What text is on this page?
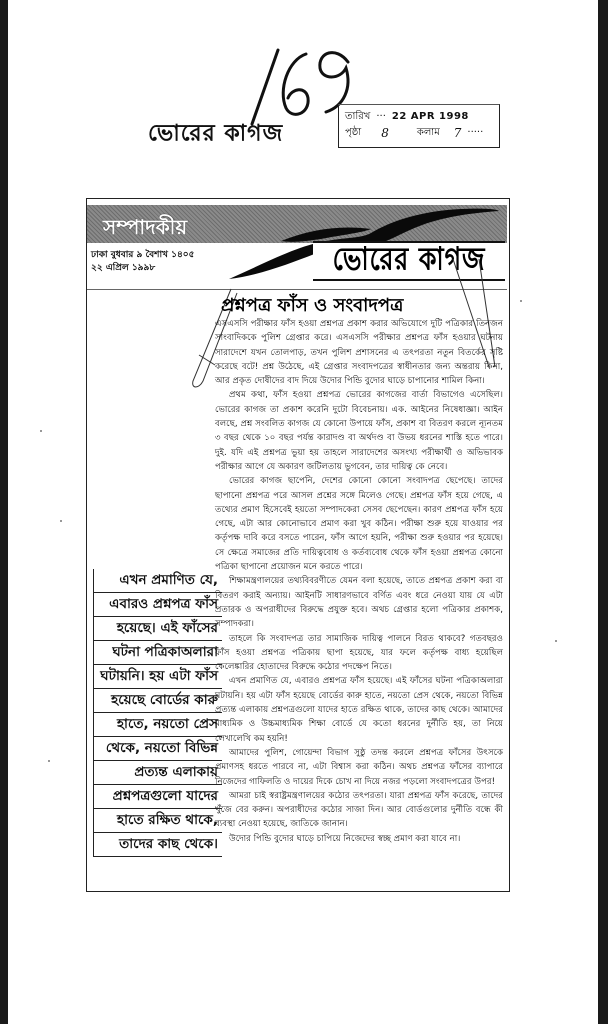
ভোরের কাগজ
তারিখ ··· 22 APR 1998
পৃষ্ঠা 8	কলাম 7 ·····
সম্পাদকীয়
ভোরের কাগজ
ঢাকা বুধবার ৯ বৈশাখ ১৪০৫
২২ এপ্রিল ১৯৯৮
প্রশ্নপত্র ফাঁস ও সংবাদপত্র

এসএসসি পরীক্ষার ফাঁস হওয়া প্রশ্নপত্র প্রকাশ করার অভিযোগে দুটি পত্রিকার তিনজন সাংবাদিককে পুলিশ গ্রেপ্তার করে। এসএসসি পরীক্ষার প্রশ্নপত্র ফাঁস হওয়ার ঘটনায় সারাদেশে যখন তোলপাড়, তখন পুলিশ প্রশাসনের এ তৎপরতা নতুন বিতর্কের সৃষ্টি করেছে বটে! প্রশ্ন উঠেছে, এই গ্রেপ্তার সংবাদপত্রের স্বাধীনতার জন্য অন্তরায় কিনা, আর প্রকৃত দোষীদের বাদ দিয়ে উদোর পিন্ডি বুদোর ঘাড়ে চাপানোর শামিল কিনা।

প্রথম কথা, ফাঁস হওয়া প্রশ্নপত্র ভোরের কাগজের বার্তা বিভাগেও এসেছিল। ভোরের কাগজ তা প্রকাশ করেনি দুটো বিবেচনায়। এক. আইনের নিষেধাজ্ঞা। আইন বলছে, প্রশ্ন সংবলিত কাগজ যে কোনো উপায়ে ফাঁস, প্রকাশ বা বিতরণ করলে ন্যূনতম ৩ বছর থেকে ১০ বছর পর্যন্ত কারাদণ্ড বা অর্থদণ্ড বা উভয় ধরনের শাস্তি হতে পারে। দুই. যদি এই প্রশ্নপত্র ভুয়া হয় তাহলে সারাদেশের অসংখ্য পরীক্ষার্থী ও অভিভাবক পরীক্ষার আগে যে অকারণ জটিলতায় ভুগবেন, তার দায়িত্ব কে নেবে।

ভোরের কাগজ ছাপেনি, দেশের কোনো কোনো সংবাদপত্র ছেপেছে। তাদের ছাপানো প্রশ্নপত্র পরে আসল প্রশ্নের সঙ্গে মিলেও গেছে। প্রশ্নপত্র ফাঁস হয়ে গেছে, এ তথ্যের প্রমাণ হিসেবেই হয়তো সম্পাদকেরা সেসব ছেপেছেন। কারণ প্রশ্নপত্র ফাঁস হয়ে গেছে, এটা আর কোনোভাবে প্রমাণ করা খুব কঠিন। পরীক্ষা শুরু হয়ে যাওয়ার পর কর্তৃপক্ষ দাবি করে বসতে পারেন, ফাঁস আগে হয়নি, পরীক্ষা শুরু হওয়ার পর হয়েছে। সে ক্ষেত্রে সমাজের প্রতি দায়িত্ববোধ ও কর্তব্যবোধ থেকে ফাঁস হওয়া প্রশ্নপত্র কোনো পত্রিকা ছাপানো প্রয়োজন মনে করতে পারে।

শিক্ষামন্ত্রণালয়ের তথ্যবিবরণীতে যেমন বলা হয়েছে, তাতে প্রশ্নপত্র প্রকাশ করা বা বিতরণ করাই অন্যায়। আইনটি সাধারণভাবে বর্ণিত এবং ধরে নেওয়া যায় যে এটা প্রতারক ও অপরাধীদের বিরুদ্ধে প্রযুক্ত হবে। অথচ গ্রেপ্তার হলো পত্রিকার প্রকাশক, সম্পাদকরা।

তাহলে কি সংবাদপত্র তার সামাজিক দায়িত্ব পালনে বিরত থাকবে? গতবছরও ফাঁস হওয়া প্রশ্নপত্র পত্রিকায় ছাপা হয়েছে, যার ফলে কর্তৃপক্ষ বাধ্য হয়েছিল কেলেঙ্কারির হোতাদের বিরুদ্ধে কঠোর পদক্ষেপ নিতে।

এখন প্রমাণিত যে, এবারও প্রশ্নপত্র ফাঁস হয়েছে। এই ফাঁসের ঘটনা পত্রিকাঅলারা ঘটায়নি। হয় এটা ফাঁস হয়েছে বোর্ডের কারু হাতে, নয়তো প্রেস থেকে, নয়তো বিভিন্ন প্রত্যন্ত এলাকায় প্রশ্নপত্রগুলো যাদের হাতে রক্ষিত থাকে, তাদের কাছ থেকে। আমাদের মাধ্যমিক ও উচ্চমাধ্যমিক শিক্ষা বোর্ডে যে কতো ধরনের দুর্নীতি হয়, তা নিয়ে লেখালেখি কম হয়নি!

আমাদের পুলিশ, গোয়েন্দা বিভাগ সুষ্ঠু তদন্ত করলে প্রশ্নপত্র ফাঁসের উৎসকে প্রমাণসহ ধরতে পারবে না, এটা বিশ্বাস করা কঠিন। অথচ প্রশ্নপত্র ফাঁসের ব্যাপারে নিজেদের গাফিলতি ও দায়ের দিকে চোখ না দিয়ে নজর পড়লো সংবাদপত্রের উপর!

আমরা চাই স্বরাষ্ট্রমন্ত্রণালয়ের কঠোর তৎপরতা। যারা প্রশ্নপত্র ফাঁস করেছে, তাদের খুঁজে বের করুন। অপরাধীদের কঠোর সাজা দিন। আর বোর্ডগুলোর দুর্নীতি বন্ধে কী ব্যবস্থা নেওয়া হয়েছে, জাতিকে জানান।

উদোর পিন্ডি বুদোর ঘাড়ে চাপিয়ে নিজেদের স্বচ্ছ প্রমাণ করা যাবে না।

এখন প্রমাণিত যে,
এবারও প্রশ্নপত্র ফাঁস
হয়েছে। এই ফাঁসের
ঘটনা পত্রিকাঅলারা
ঘটায়নি। হয় এটা ফাঁস
হয়েছে বোর্ডের কারু
হাতে, নয়তো প্রেস
থেকে, নয়তো বিভিন্ন
প্রত্যন্ত এলাকায়
প্রশ্নপত্রগুলো যাদের
হাতে রক্ষিত থাকে,
তাদের কাছ থেকে।
